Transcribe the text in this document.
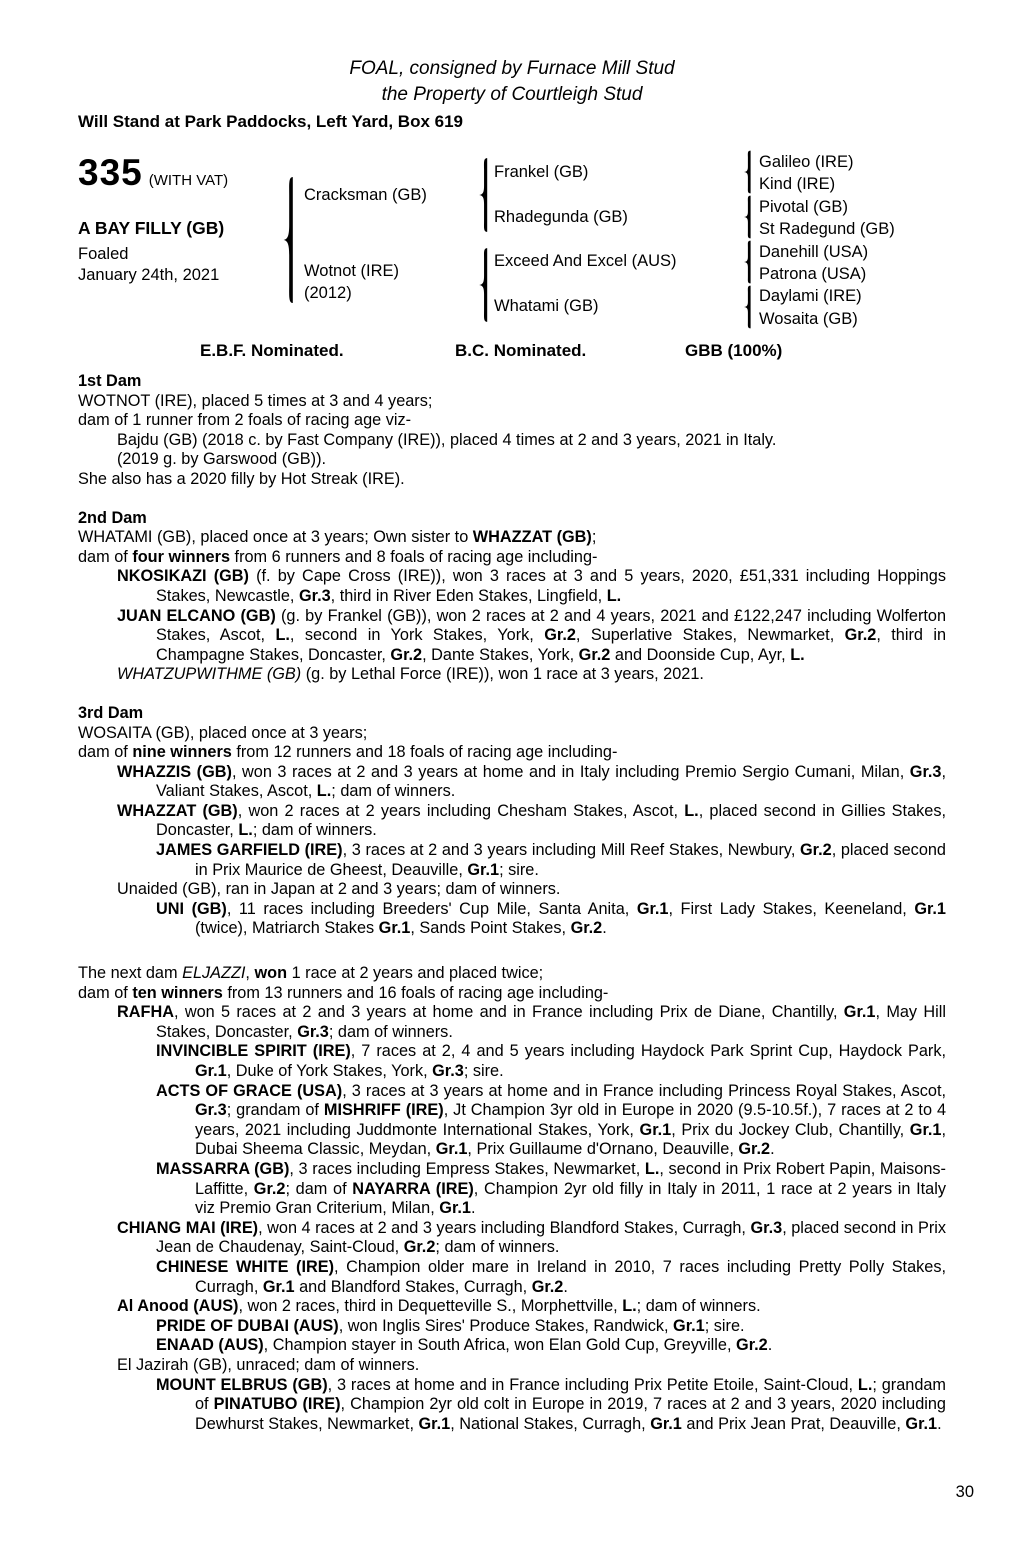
FOAL, consigned by Furnace Mill Stud
the Property of Courtleigh Stud
Will Stand at Park Paddocks, Left Yard, Box 619
335 (WITH VAT)
A BAY FILLY (GB)
Foaled
January 24th, 2021
Cracksman (GB)
Wotnot (IRE)
(2012)
Frankel (GB)
Rhadegunda (GB)
Exceed And Excel (AUS)
Whatami (GB)
Galileo (IRE)
Kind (IRE)
Pivotal (GB)
St Radegund (GB)
Danehill (USA)
Patrona (USA)
Daylami (IRE)
Wosaita (GB)
E.B.F. Nominated.	B.C. Nominated.	GBB (100%)
1st Dam

WOTNOT (IRE), placed 5 times at 3 and 4 years;

dam of 1 runner from 2 foals of racing age viz-

Bajdu (GB) (2018 c. by Fast Company (IRE)), placed 4 times at 2 and 3 years, 2021 in Italy.

(2019 g. by Garswood (GB)).

She also has a 2020 filly by Hot Streak (IRE).

2nd Dam

WHATAMI (GB), placed once at 3 years; Own sister to WHAZZAT (GB);

dam of four winners from 6 runners and 8 foals of racing age including-

NKOSIKAZI (GB) (f. by Cape Cross (IRE)), won 3 races at 3 and 5 years, 2020, £51,331 including Hoppings Stakes, Newcastle, Gr.3, third in River Eden Stakes, Lingfield, L.

JUAN ELCANO (GB) (g. by Frankel (GB)), won 2 races at 2 and 4 years, 2021 and £122,247 including Wolferton Stakes, Ascot, L., second in York Stakes, York, Gr.2, Superlative Stakes, Newmarket, Gr.2, third in Champagne Stakes, Doncaster, Gr.2, Dante Stakes, York, Gr.2 and Doonside Cup, Ayr, L.

WHATZUPWITHME (GB) (g. by Lethal Force (IRE)), won 1 race at 3 years, 2021.

3rd Dam

WOSAITA (GB), placed once at 3 years;

dam of nine winners from 12 runners and 18 foals of racing age including-

WHAZZIS (GB), won 3 races at 2 and 3 years at home and in Italy including Premio Sergio Cumani, Milan, Gr.3, Valiant Stakes, Ascot, L.; dam of winners.

WHAZZAT (GB), won 2 races at 2 years including Chesham Stakes, Ascot, L., placed second in Gillies Stakes, Doncaster, L.; dam of winners.

JAMES GARFIELD (IRE), 3 races at 2 and 3 years including Mill Reef Stakes, Newbury, Gr.2, placed second in Prix Maurice de Gheest, Deauville, Gr.1; sire.

Unaided (GB), ran in Japan at 2 and 3 years; dam of winners.

UNI (GB), 11 races including Breeders' Cup Mile, Santa Anita, Gr.1, First Lady Stakes, Keeneland, Gr.1 (twice), Matriarch Stakes Gr.1, Sands Point Stakes, Gr.2.

The next dam ELJAZZI, won 1 race at 2 years and placed twice;

dam of ten winners from 13 runners and 16 foals of racing age including-

RAFHA, won 5 races at 2 and 3 years at home and in France including Prix de Diane, Chantilly, Gr.1, May Hill Stakes, Doncaster, Gr.3; dam of winners.

INVINCIBLE SPIRIT (IRE), 7 races at 2, 4 and 5 years including Haydock Park Sprint Cup, Haydock Park, Gr.1, Duke of York Stakes, York, Gr.3; sire.

ACTS OF GRACE (USA), 3 races at 3 years at home and in France including Princess Royal Stakes, Ascot, Gr.3; grandam of MISHRIFF (IRE), Jt Champion 3yr old in Europe in 2020 (9.5-10.5f.), 7 races at 2 to 4 years, 2021 including Juddmonte International Stakes, York, Gr.1, Prix du Jockey Club, Chantilly, Gr.1, Dubai Sheema Classic, Meydan, Gr.1, Prix Guillaume d'Ornano, Deauville, Gr.2.

MASSARRA (GB), 3 races including Empress Stakes, Newmarket, L., second in Prix Robert Papin, Maisons-Laffitte, Gr.2; dam of NAYARRA (IRE), Champion 2yr old filly in Italy in 2011, 1 race at 2 years in Italy viz Premio Gran Criterium, Milan, Gr.1.

CHIANG MAI (IRE), won 4 races at 2 and 3 years including Blandford Stakes, Curragh, Gr.3, placed second in Prix Jean de Chaudenay, Saint-Cloud, Gr.2; dam of winners.

CHINESE WHITE (IRE), Champion older mare in Ireland in 2010, 7 races including Pretty Polly Stakes, Curragh, Gr.1 and Blandford Stakes, Curragh, Gr.2.

Al Anood (AUS), won 2 races, third in Dequetteville S., Morphettville, L.; dam of winners.

PRIDE OF DUBAI (AUS), won Inglis Sires' Produce Stakes, Randwick, Gr.1; sire.

ENAAD (AUS), Champion stayer in South Africa, won Elan Gold Cup, Greyville, Gr.2.

El Jazirah (GB), unraced; dam of winners.

MOUNT ELBRUS (GB), 3 races at home and in France including Prix Petite Etoile, Saint-Cloud, L.; grandam of PINATUBO (IRE), Champion 2yr old colt in Europe in 2019, 7 races at 2 and 3 years, 2020 including Dewhurst Stakes, Newmarket, Gr.1, National Stakes, Curragh, Gr.1 and Prix Jean Prat, Deauville, Gr.1.

30
